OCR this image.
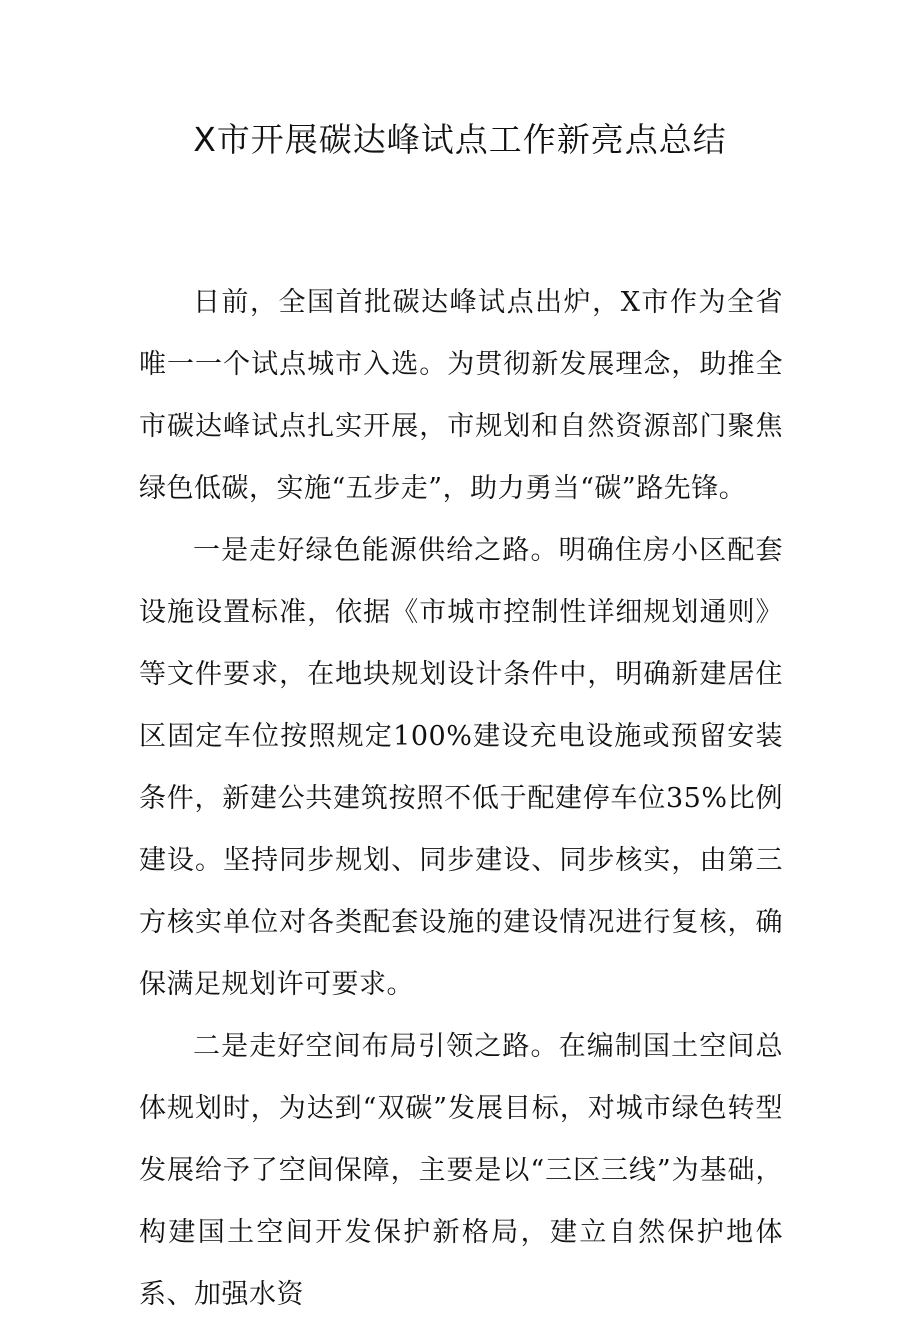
X市开展碳达峰试点工作新亮点总结

日前，全国首批碳达峰试点出炉，X市作为全省唯一一个试点城市入选。为贯彻新发展理念，助推全市碳达峰试点扎实开展，市规划和自然资源部门聚焦绿色低碳，实施“五步走”，助力勇当“碳”路先锋。

一是走好绿色能源供给之路。明确住房小区配套设施设置标准，依据《市城市控制性详细规划通则》等文件要求，在地块规划设计条件中，明确新建居住区固定车位按照规定100%建设充电设施或预留安装条件，新建公共建筑按照不低于配建停车位35%比例建设。坚持同步规划、同步建设、同步核实，由第三方核实单位对各类配套设施的建设情况进行复核，确保满足规划许可要求。

二是走好空间布局引领之路。在编制国土空间总体规划时，为达到“双碳”发展目标，对城市绿色转型发展给予了空间保障，主要是以“三区三线”为基础，构建国土空间开发保护新格局，建立自然保护地体系、加强水资
